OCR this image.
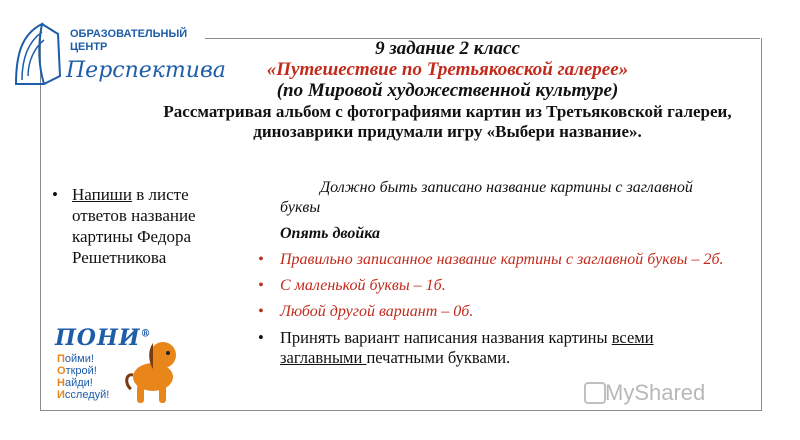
ОБРАЗОВАТЕЛЬНЫЙ
ЦЕНТР
Перспектива
9 задание 2 класс
«Путешествие по Третьяковской галерее»
(по Мировой художественной культуре)
Рассматривая альбом с фотографиями картин из Третьяковской галереи, динозаврики придумали игру «Выбери название».
• Напиши в листе ответов название картины Федора Решетникова
Должно быть записано название картины с заглавной буквы
Опять двойка
• Правильно записанное название картины с заглавной буквы – 2б.
• С маленькой буквы – 1б.
• Любой другой вариант – 0б.
• Принять вариант написания названия картины всеми заглавными печатными буквами.
ПОНИ®
Пойми!
Открой!
Найди!
Исследуй!	MyShared
